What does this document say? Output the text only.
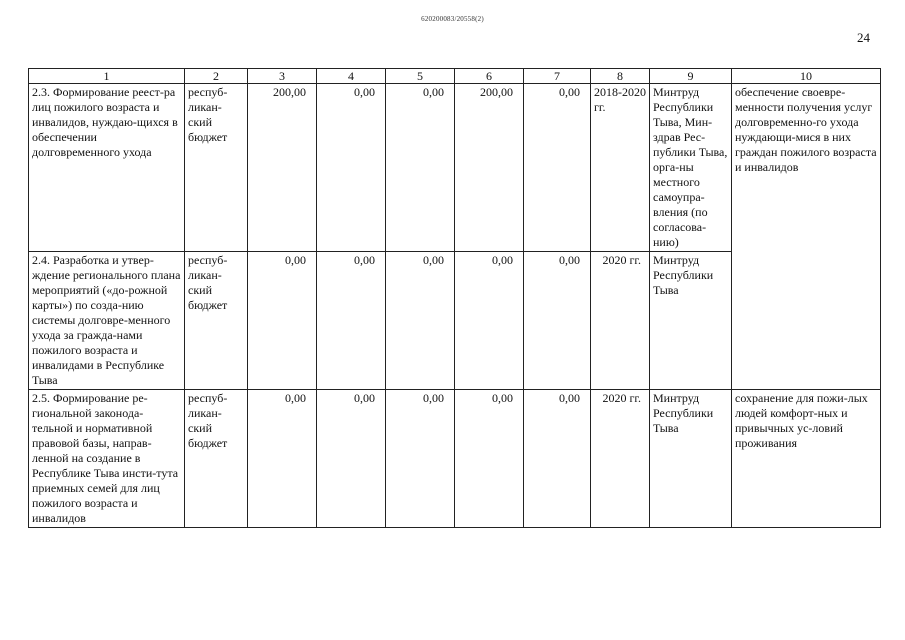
620200083/20558(2)
24
1	2	3	4	5	6	7	8	9	10
2.3. Формирование реест-ра лиц пожилого возраста и инвалидов, нуждаю-щихся в обеспечении долговременного ухода	респуб-ликан-ский бюджет	200,00	0,00	0,00	200,00	0,00	2018-2020 гг.	Минтруд Республики Тыва, Мин-здрав Рес-публики Тыва, орга-ны местного самоупра-вления (по согласова-нию)	обеспечение своевре-менности получения услуг долговременно-го ухода нуждающи-мися в них граждан пожилого возраста и инвалидов
2.4. Разработка и утвер-ждение регионального плана мероприятий («до-рожной карты») по созда-нию системы долговре-менного ухода за гражда-нами пожилого возраста и инвалидами в Республике Тыва	респуб-ликан-ский бюджет	0,00	0,00	0,00	0,00	0,00	2020 гг.	Минтруд Республики Тыва	
2.5. Формирование ре-гиональной законода-тельной и нормативной правовой базы, направ-ленной на создание в Республике Тыва инсти-тута приемных семей для лиц пожилого возраста и инвалидов	респуб-ликан-ский бюджет	0,00	0,00	0,00	0,00	0,00	2020 гг.	Минтруд Республики Тыва	сохранение для пожи-лых людей комфорт-ных и привычных ус-ловий проживания
